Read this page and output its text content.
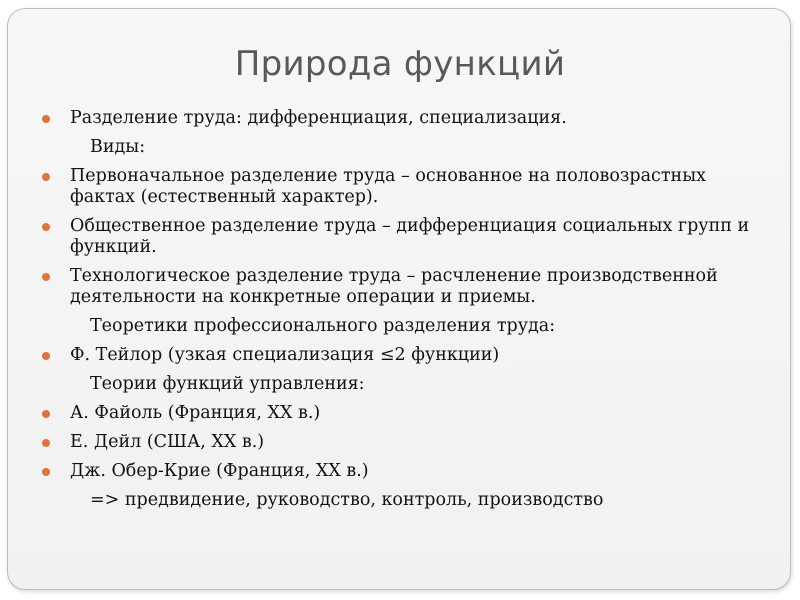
Природа функций
Разделение труда: дифференциация, специализация.
Виды:
Первоначальное разделение труда – основанное на половозрастных фактах (естественный характер).
Общественное разделение труда – дифференциация социальных групп и функций.
Технологическое разделение труда – расчленение производственной деятельности на конкретные операции и приемы.
Теоретики профессионального разделения труда:
Ф. Тейлор (узкая специализация ≤2 функции)
Теории функций управления:
А. Файоль (Франция, XX в.)
Е. Дейл (США, XX в.)
Дж. Обер-Крие (Франция, XX в.)
=> предвидение, руководство, контроль, производство
